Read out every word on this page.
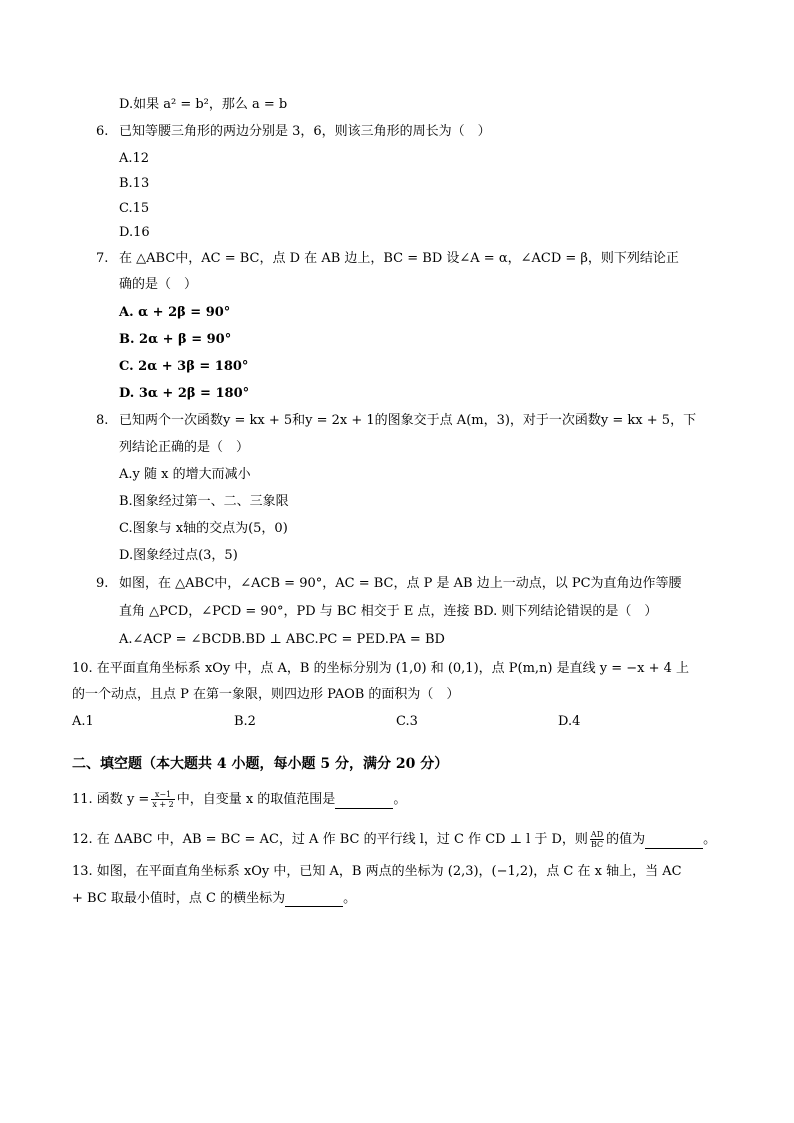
D.如果 a² = b²，那么 a = b
6. 已知等腰三角形的两边分别是 3，6，则该三角形的周长为（　）
A.12
B.13
C.15
D.16
7. 在 △ABC中，AC = BC，点 D 在 AB 边上，BC = BD 设∠A = α，∠ACD = β，则下列结论正
确的是（　）
A. α + 2β = 90°
B. 2α + β = 90°
C. 2α + 3β = 180°
D. 3α + 2β = 180°
8. 已知两个一次函数y = kx + 5和y = 2x + 1的图象交于点 A(m，3)，对于一次函数y = kx + 5，下
列结论正确的是（　）
A.y 随 x 的增大而减小
B.图象经过第一、二、三象限
C.图象与 x轴的交点为(5，0)
D.图象经过点(3，5)
9. 如图，在 △ABC中，∠ACB = 90°，AC = BC，点 P 是 AB 边上一动点，以 PC为直角边作等腰
直角 △PCD，∠PCD = 90°，PD 与 BC 相交于 E 点，连接 BD. 则下列结论错误的是（　）
A.∠ACP = ∠BCDB.BD ⊥ ABC.PC = PED.PA = BD
10. 在平面直角坐标系 xOy 中，点 A，B 的坐标分别为 (1,0) 和 (0,1)，点 P(m,n) 是直线 y = −x + 4 上
的一个动点，且点 P 在第一象限，则四边形 PAOB 的面积为（　）
A.1	B.2	C.3	D.4
二、填空题（本大题共 4 小题，每小题 5 分，满分 20 分）
11. 函数 $y = \frac{x-1}{x + 2}$ 中，自变量 x 的取值范围是	。
12. 在 ΔABC 中，AB = BC = AC，过 A 作 BC 的平行线 l，过 C 作 CD ⊥ l 于 D，则 $\frac{AD}{BC}$ 的值为	。
13. 如图，在平面直角坐标系 xOy 中，已知 A，B 两点的坐标为 (2,3)，(−1,2)，点 C 在 x 轴上，当 AC
+ BC 取最小值时，点 C 的横坐标为	。
